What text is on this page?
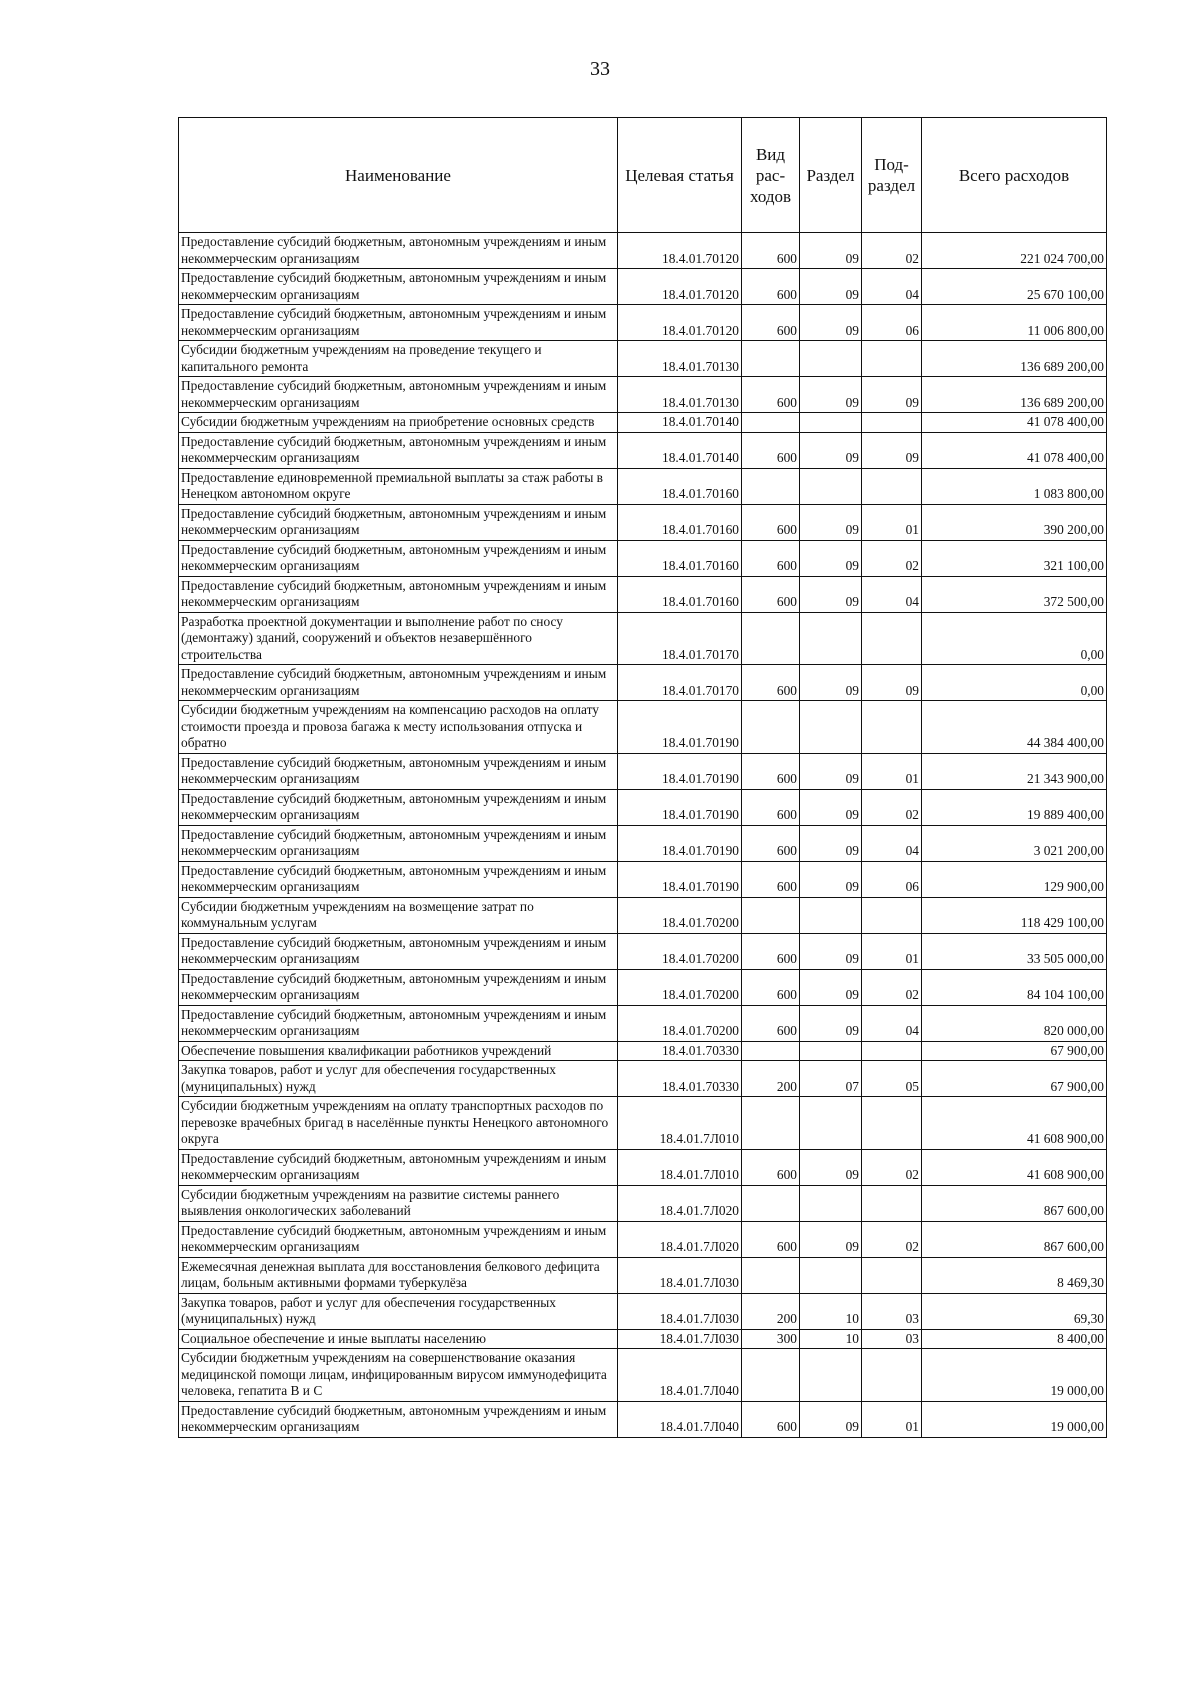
33
Наименование	Целевая статья	Вид
рас-
ходов	Раздел	Под-
раздел	Всего расходов
Предоставление субсидий бюджетным, автономным учреждениям и иным некоммерческим организациям	18.4.01.70120	600	09	02	221 024 700,00
Предоставление субсидий бюджетным, автономным учреждениям и иным некоммерческим организациям	18.4.01.70120	600	09	04	25 670 100,00
Предоставление субсидий бюджетным, автономным учреждениям и иным некоммерческим организациям	18.4.01.70120	600	09	06	11 006 800,00
Субсидии бюджетным учреждениям на проведение текущего и капитального ремонта	18.4.01.70130				136 689 200,00
Предоставление субсидий бюджетным, автономным учреждениям и иным некоммерческим организациям	18.4.01.70130	600	09	09	136 689 200,00
Субсидии бюджетным учреждениям на приобретение основных средств	18.4.01.70140				41 078 400,00
Предоставление субсидий бюджетным, автономным учреждениям и иным некоммерческим организациям	18.4.01.70140	600	09	09	41 078 400,00
Предоставление единовременной премиальной выплаты за стаж работы в Ненецком автономном округе	18.4.01.70160				1 083 800,00
Предоставление субсидий бюджетным, автономным учреждениям и иным некоммерческим организациям	18.4.01.70160	600	09	01	390 200,00
Предоставление субсидий бюджетным, автономным учреждениям и иным некоммерческим организациям	18.4.01.70160	600	09	02	321 100,00
Предоставление субсидий бюджетным, автономным учреждениям и иным некоммерческим организациям	18.4.01.70160	600	09	04	372 500,00
Разработка проектной документации и выполнение работ по сносу (демонтажу) зданий, сооружений и объектов незавершённого строительства	18.4.01.70170				0,00
Предоставление субсидий бюджетным, автономным учреждениям и иным некоммерческим организациям	18.4.01.70170	600	09	09	0,00
Субсидии бюджетным учреждениям на компенсацию расходов на оплату стоимости проезда и провоза багажа к месту использования отпуска и обратно	18.4.01.70190				44 384 400,00
Предоставление субсидий бюджетным, автономным учреждениям и иным некоммерческим организациям	18.4.01.70190	600	09	01	21 343 900,00
Предоставление субсидий бюджетным, автономным учреждениям и иным некоммерческим организациям	18.4.01.70190	600	09	02	19 889 400,00
Предоставление субсидий бюджетным, автономным учреждениям и иным некоммерческим организациям	18.4.01.70190	600	09	04	3 021 200,00
Предоставление субсидий бюджетным, автономным учреждениям и иным некоммерческим организациям	18.4.01.70190	600	09	06	129 900,00
Субсидии бюджетным учреждениям на возмещение затрат по коммунальным услугам	18.4.01.70200				118 429 100,00
Предоставление субсидий бюджетным, автономным учреждениям и иным некоммерческим организациям	18.4.01.70200	600	09	01	33 505 000,00
Предоставление субсидий бюджетным, автономным учреждениям и иным некоммерческим организациям	18.4.01.70200	600	09	02	84 104 100,00
Предоставление субсидий бюджетным, автономным учреждениям и иным некоммерческим организациям	18.4.01.70200	600	09	04	820 000,00
Обеспечение повышения квалификации работников учреждений	18.4.01.70330				67 900,00
Закупка товаров, работ и услуг для обеспечения государственных (муниципальных) нужд	18.4.01.70330	200	07	05	67 900,00
Субсидии бюджетным учреждениям на оплату транспортных расходов по перевозке врачебных бригад в населённые пункты Ненецкого автономного округа	18.4.01.7Л010				41 608 900,00
Предоставление субсидий бюджетным, автономным учреждениям и иным некоммерческим организациям	18.4.01.7Л010	600	09	02	41 608 900,00
Субсидии бюджетным учреждениям на развитие системы раннего выявления онкологических заболеваний	18.4.01.7Л020				867 600,00
Предоставление субсидий бюджетным, автономным учреждениям и иным некоммерческим организациям	18.4.01.7Л020	600	09	02	867 600,00
Ежемесячная денежная выплата для восстановления белкового дефицита лицам, больным активными формами туберкулёза	18.4.01.7Л030				8 469,30
Закупка товаров, работ и услуг для обеспечения государственных (муниципальных) нужд	18.4.01.7Л030	200	10	03	69,30
Социальное обеспечение и иные выплаты населению	18.4.01.7Л030	300	10	03	8 400,00
Субсидии бюджетным учреждениям на совершенствование оказания медицинской помощи лицам, инфицированным вирусом иммунодефицита человека, гепатита В и С	18.4.01.7Л040				19 000,00
Предоставление субсидий бюджетным, автономным учреждениям и иным некоммерческим организациям	18.4.01.7Л040	600	09	01	19 000,00
